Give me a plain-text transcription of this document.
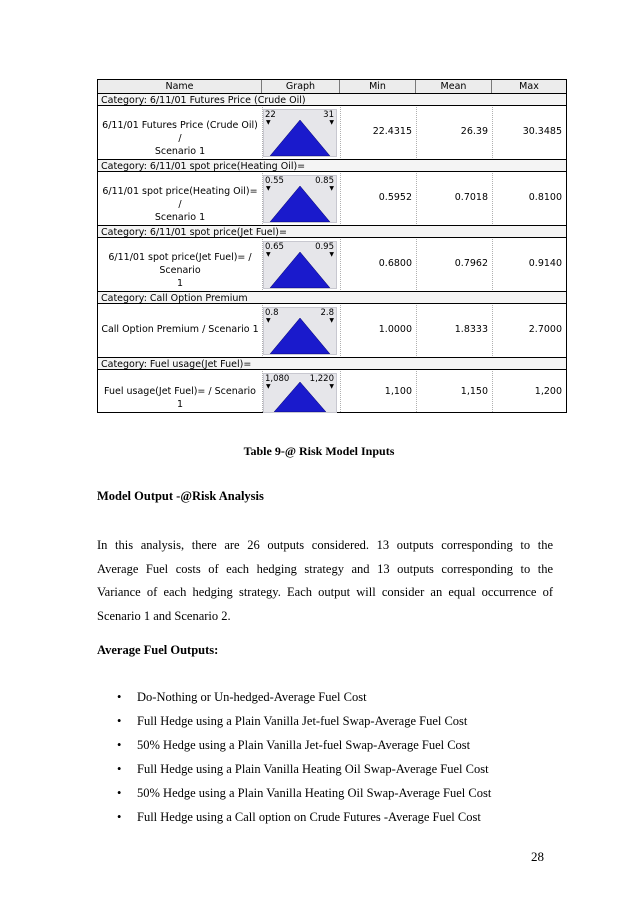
Name	Graph	Min	Mean	Max
Category: 6/11/01 Futures Price (Crude Oil)
6/11/01 Futures Price (Crude Oil) /
Scenario 1
22	31
▼	▼
22.4315	26.39	30.3485
Category: 6/11/01 spot price(Heating Oil)=
6/11/01 spot price(Heating Oil)= /
Scenario 1
0.55	0.85
▼	▼
0.5952	0.7018	0.8100
Category: 6/11/01 spot price(Jet Fuel)=
6/11/01 spot price(Jet Fuel)= / Scenario
1
0.65	0.95
▼	▼
0.6800	0.7962	0.9140
Category: Call Option Premium
Call Option Premium / Scenario 1
0.8	2.8
▼	▼
1.0000	1.8333	2.7000
Category: Fuel usage(Jet Fuel)=
Fuel usage(Jet Fuel)= / Scenario 1
1,080 1,220
▼	▼	1,100	1,150	1,200
Table 9-@ Risk Model Inputs
Model Output -@Risk Analysis
In this analysis, there are 26 outputs considered. 13 outputs corresponding to the
Average Fuel costs of each hedging strategy and 13 outputs corresponding to the
Variance of each hedging strategy. Each output will consider an equal occurrence of
Scenario 1 and Scenario 2.
Average Fuel Outputs:
• Do-Nothing or Un-hedged-Average Fuel Cost
• Full Hedge using a Plain Vanilla Jet-fuel Swap-Average Fuel Cost
• 50% Hedge using a Plain Vanilla Jet-fuel Swap-Average Fuel Cost
• Full Hedge using a Plain Vanilla Heating Oil Swap-Average Fuel Cost
• 50% Hedge using a Plain Vanilla Heating Oil Swap-Average Fuel Cost
• Full Hedge using a Call option on Crude Futures -Average Fuel Cost
28
